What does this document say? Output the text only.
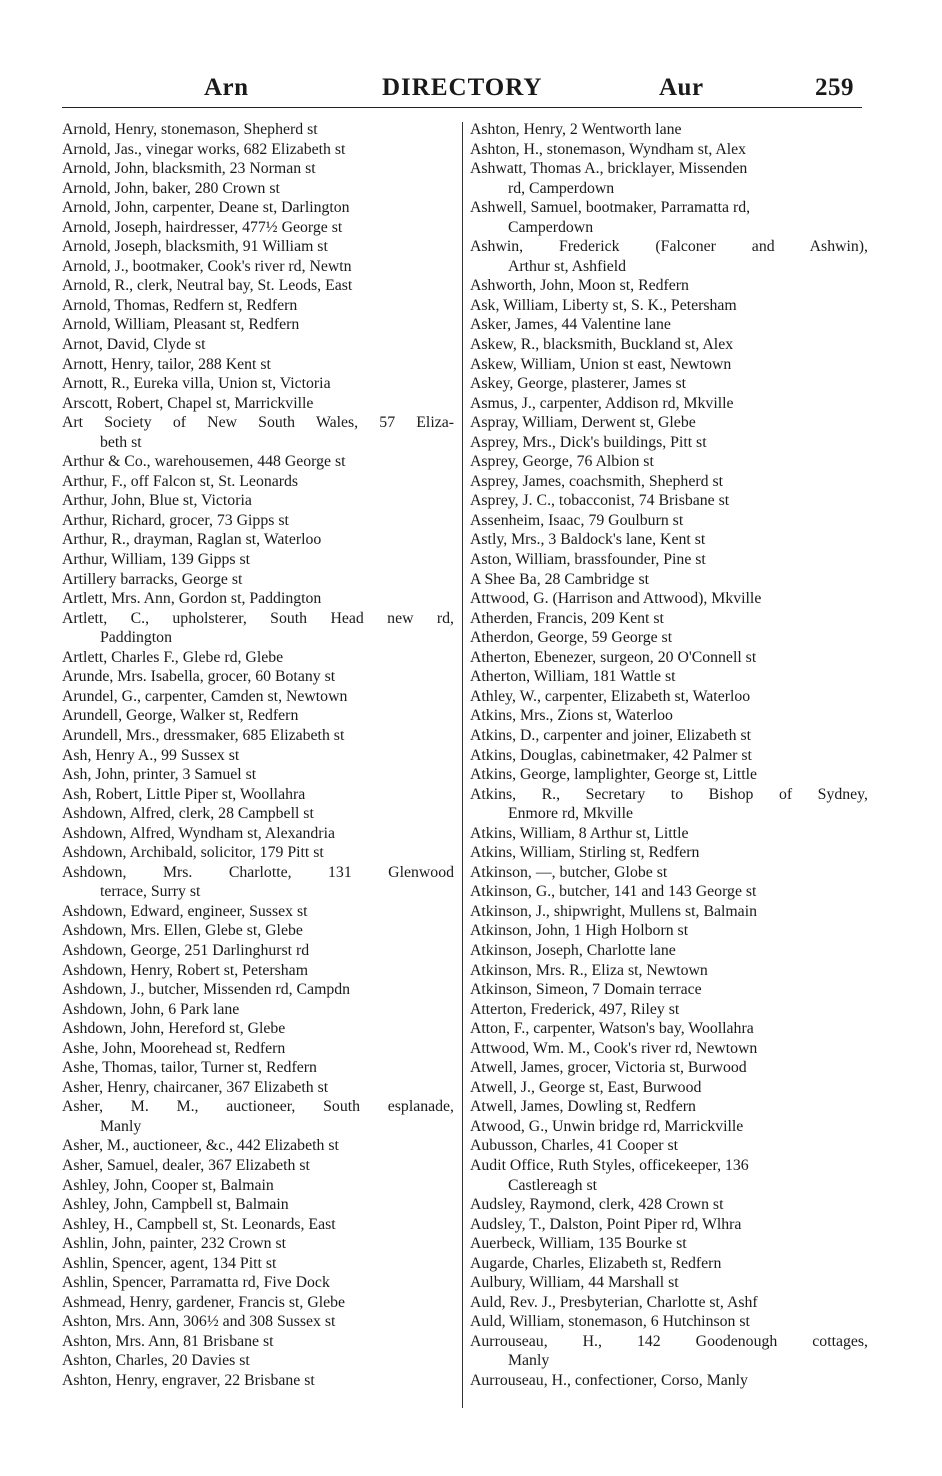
Arn	DIRECTORY	Aur	259
Arnold, Henry, stonemason, Shepherd st
Arnold, Jas., vinegar works, 682 Elizabeth st
Arnold, John, blacksmith, 23 Norman st
Arnold, John, baker, 280 Crown st
Arnold, John, carpenter, Deane st, Darlington
Arnold, Joseph, hairdresser, 477½ George st
Arnold, Joseph, blacksmith, 91 William st
Arnold, J., bootmaker, Cook's river rd, Newtn
Arnold, R., clerk, Neutral bay, St. Leods, East
Arnold, Thomas, Redfern st, Redfern
Arnold, William, Pleasant st, Redfern
Arnot, David, Clyde st
Arnott, Henry, tailor, 288 Kent st
Arnott, R., Eureka villa, Union st, Victoria
Arscott, Robert, Chapel st, Marrickville
Art Society of New South Wales, 57 Eliza-
beth st
Arthur & Co., warehousemen, 448 George st
Arthur, F., off Falcon st, St. Leonards
Arthur, John, Blue st, Victoria
Arthur, Richard, grocer, 73 Gipps st
Arthur, R., drayman, Raglan st, Waterloo
Arthur, William, 139 Gipps st
Artillery barracks, George st
Artlett, Mrs. Ann, Gordon st, Paddington
Artlett, C., upholsterer, South Head new rd,
Paddington
Artlett, Charles F., Glebe rd, Glebe
Arunde, Mrs. Isabella, grocer, 60 Botany st
Arundel, G., carpenter, Camden st, Newtown
Arundell, George, Walker st, Redfern
Arundell, Mrs., dressmaker, 685 Elizabeth st
Ash, Henry A., 99 Sussex st
Ash, John, printer, 3 Samuel st
Ash, Robert, Little Piper st, Woollahra
Ashdown, Alfred, clerk, 28 Campbell st
Ashdown, Alfred, Wyndham st, Alexandria
Ashdown, Archibald, solicitor, 179 Pitt st
Ashdown, Mrs. Charlotte, 131 Glenwood
terrace, Surry st
Ashdown, Edward, engineer, Sussex st
Ashdown, Mrs. Ellen, Glebe st, Glebe
Ashdown, George, 251 Darlinghurst rd
Ashdown, Henry, Robert st, Petersham
Ashdown, J., butcher, Missenden rd, Campdn
Ashdown, John, 6 Park lane
Ashdown, John, Hereford st, Glebe
Ashe, John, Moorehead st, Redfern
Ashe, Thomas, tailor, Turner st, Redfern
Asher, Henry, chaircaner, 367 Elizabeth st
Asher, M. M., auctioneer, South esplanade,
Manly
Asher, M., auctioneer, &c., 442 Elizabeth st
Asher, Samuel, dealer, 367 Elizabeth st
Ashley, John, Cooper st, Balmain
Ashley, John, Campbell st, Balmain
Ashley, H., Campbell st, St. Leonards, East
Ashlin, John, painter, 232 Crown st
Ashlin, Spencer, agent, 134 Pitt st
Ashlin, Spencer, Parramatta rd, Five Dock
Ashmead, Henry, gardener, Francis st, Glebe
Ashton, Mrs. Ann, 306½ and 308 Sussex st
Ashton, Mrs. Ann, 81 Brisbane st
Ashton, Charles, 20 Davies st
Ashton, Henry, engraver, 22 Brisbane st
Ashton, Henry, 2 Wentworth lane
Ashton, H., stonemason, Wyndham st, Alex
Ashwatt, Thomas A., bricklayer, Missenden
rd, Camperdown
Ashwell, Samuel, bootmaker, Parramatta rd,
Camperdown
Ashwin, Frederick (Falconer and Ashwin),
Arthur st, Ashfield
Ashworth, John, Moon st, Redfern
Ask, William, Liberty st, S. K., Petersham
Asker, James, 44 Valentine lane
Askew, R., blacksmith, Buckland st, Alex
Askew, William, Union st east, Newtown
Askey, George, plasterer, James st
Asmus, J., carpenter, Addison rd, Mkville
Aspray, William, Derwent st, Glebe
Asprey, Mrs., Dick's buildings, Pitt st
Asprey, George, 76 Albion st
Asprey, James, coachsmith, Shepherd st
Asprey, J. C., tobacconist, 74 Brisbane st
Assenheim, Isaac, 79 Goulburn st
Astly, Mrs., 3 Baldock's lane, Kent st
Aston, William, brassfounder, Pine st
A Shee Ba, 28 Cambridge st
Attwood, G. (Harrison and Attwood), Mkville
Atherden, Francis, 209 Kent st
Atherdon, George, 59 George st
Atherton, Ebenezer, surgeon, 20 O'Connell st
Atherton, William, 181 Wattle st
Athley, W., carpenter, Elizabeth st, Waterloo
Atkins, Mrs., Zions st, Waterloo
Atkins, D., carpenter and joiner, Elizabeth st
Atkins, Douglas, cabinetmaker, 42 Palmer st
Atkins, George, lamplighter, George st, Little
Atkins, R., Secretary to Bishop of Sydney,
Enmore rd, Mkville
Atkins, William, 8 Arthur st, Little
Atkins, William, Stirling st, Redfern
Atkinson, —, butcher, Globe st
Atkinson, G., butcher, 141 and 143 George st
Atkinson, J., shipwright, Mullens st, Balmain
Atkinson, John, 1 High Holborn st
Atkinson, Joseph, Charlotte lane
Atkinson, Mrs. R., Eliza st, Newtown
Atkinson, Simeon, 7 Domain terrace
Atterton, Frederick, 497, Riley st
Atton, F., carpenter, Watson's bay, Woollahra
Attwood, Wm. M., Cook's river rd, Newtown
Atwell, James, grocer, Victoria st, Burwood
Atwell, J., George st, East, Burwood
Atwell, James, Dowling st, Redfern
Atwood, G., Unwin bridge rd, Marrickville
Aubusson, Charles, 41 Cooper st
Audit Office, Ruth Styles, officekeeper, 136
Castlereagh st
Audsley, Raymond, clerk, 428 Crown st
Audsley, T., Dalston, Point Piper rd, Wlhra
Auerbeck, William, 135 Bourke st
Augarde, Charles, Elizabeth st, Redfern
Aulbury, William, 44 Marshall st
Auld, Rev. J., Presbyterian, Charlotte st, Ashf
Auld, William, stonemason, 6 Hutchinson st
Aurrouseau, H., 142 Goodenough cottages,
Manly
Aurrouseau, H., confectioner, Corso, Manly
